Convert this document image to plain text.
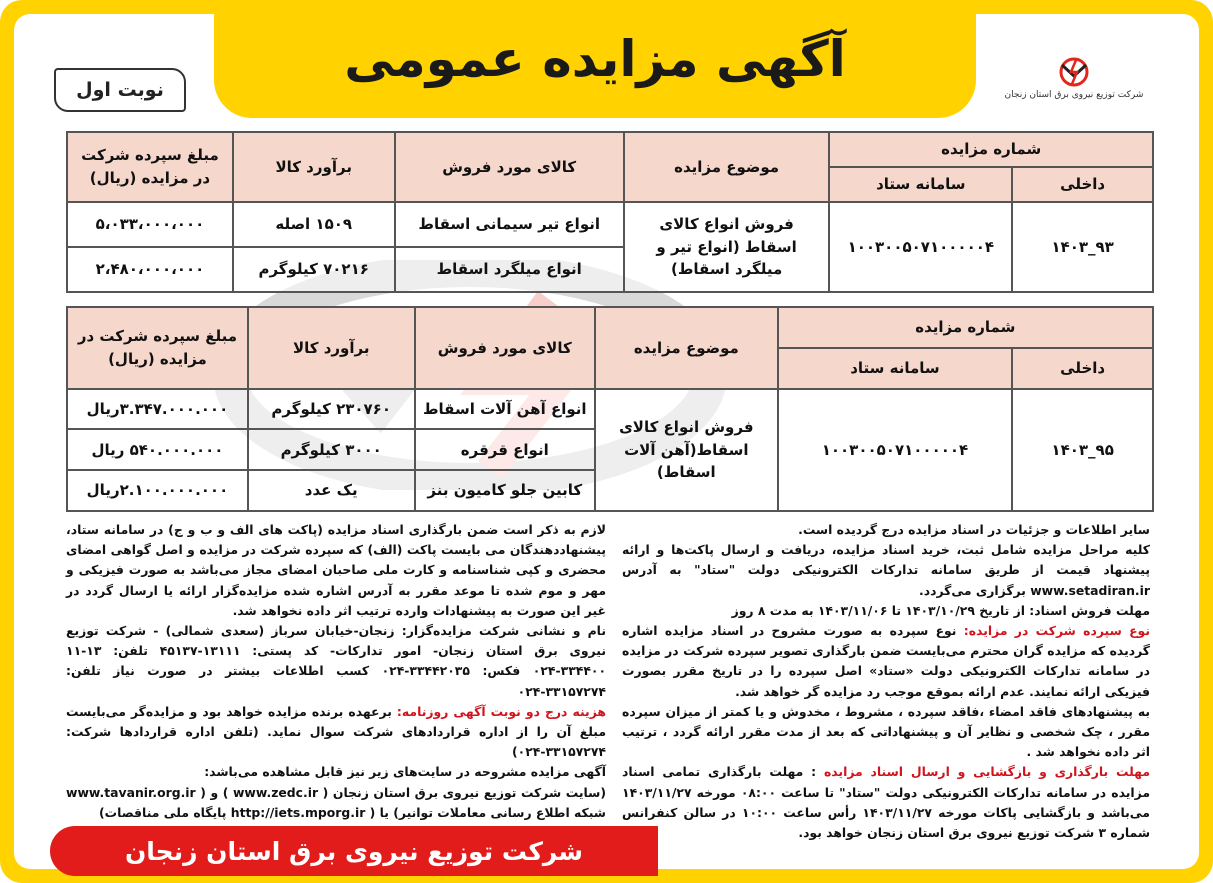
آگهی مزایده عمومی
نوبت اول	شرکت توزیع نیروی برق استان زنجان
شماره مزایده		موضوع مزایده	کالای مورد فروش	برآورد کالا	مبلغ سپرده شرکت در مزایده (ریال)
داخلی	سامانه ستاد				
۹۳_۱۴۰۳	۱۰۰۳۰۰۵۰۷۱۰۰۰۰۰۴	فروش انواع کالای اسقاط (انواع تیر و میلگرد اسقاط)	انواع تیر سیمانی اسقاط	۱۵۰۹ اصله	۵،۰۳۳،۰۰۰،۰۰۰
			انواع میلگرد اسقاط	۷۰۲۱۶ کیلوگرم	۲،۴۸۰،۰۰۰،۰۰۰
شماره مزایده		موضوع مزایده	کالای مورد فروش	برآورد کالا	مبلغ سپرده شرکت در مزایده (ریال)
داخلی	سامانه ستاد				
۹۵_۱۴۰۳	۱۰۰۳۰۰۵۰۷۱۰۰۰۰۰۴	فروش انواع کالای اسقاط(آهن آلات اسقاط)	انواع آهن آلات اسقاط	۲۳۰۷۶۰ کیلوگرم	۳.۳۴۷.۰۰۰.۰۰۰ریال
			انواع قرقره	۳۰۰۰ کیلوگرم	۵۴۰.۰۰۰.۰۰۰ ریال
			کابین جلو کامیون بنز	یک عدد	۲.۱۰۰.۰۰۰.۰۰۰ریال

سایر اطلاعات و جزئیات در اسناد مزایده درج گردیده است.

کلیه مراحل مزایده شامل ثبت، خرید اسناد مزایده، دریافت و ارسال پاکت‌ها و ارائه پیشنهاد قیمت از طریق سامانه تدارکات الکترونیکی دولت "ستاد" به آدرس www.setadiran.ir برگزاری می‌گردد.

مهلت فروش اسناد: از تاریخ ۱۴۰۳/۱۰/۲۹ تا ۱۴۰۳/۱۱/۰۶ به مدت ۸ روز

نوع سپرده شرکت در مزایده: نوع سپرده به صورت مشروح در اسناد مزایده اشاره گردیده که مزایده گران محترم می‌بایست ضمن بارگذاری تصویر سپرده شرکت در مزایده در سامانه تدارکات الکترونیکی دولت «ستاد» اصل سپرده را در تاریخ مقرر بصورت فیزیکی ارائه نمایند. عدم ارائه بموقع موجب رد مزایده گر خواهد شد.

به پیشنهادهای فاقد امضاء ،فاقد سپرده ، مشروط ، مخدوش و یا کمتر از میزان سپرده مقرر ، چک شخصی و نظایر آن و پیشنهاداتی که بعد از مدت مقرر ارائه گردد ، ترتیب اثر داده نخواهد شد .

مهلت بارگذاری و بازگشایی و ارسال اسناد مزایده : مهلت بارگذاری تمامی اسناد مزایده در سامانه تدارکات الکترونیکی دولت "ستاد" تا ساعت ۰۸:۰۰ مورخه ۱۴۰۳/۱۱/۲۷ می‌باشد و بازگشایی پاکات مورخه ۱۴۰۳/۱۱/۲۷ رأس ساعت ۱۰:۰۰ در سالن کنفرانس شماره ۳ شرکت توزیع نیروی برق استان زنجان خواهد بود.

لازم به ذکر است ضمن بارگذاری اسناد مزایده (پاکت های الف و ب و ج) در سامانه ستاد، پیشنهاددهندگان می بایست پاکت (الف) که سپرده شرکت در مزایده و اصل گواهی امضای محضری و کپی شناسنامه و کارت ملی صاحبان امضای مجاز می‌باشد به صورت فیزیکی و مهر و موم شده تا موعد مقرر به آدرس اشاره شده مزایده‌گزار ارائه یا ارسال گردد در غیر این صورت به پیشنهادات وارده ترتیب اثر داده نخواهد شد.

نام و نشانی شرکت مزایده‌گزار: زنجان-خیابان سرباز (سعدی شمالی) - شرکت توزیع نیروی برق استان زنجان- امور تدارکات- کد پستی: ۱۳۱۱۱-۴۵۱۳۷ تلفن: ۱۳-۱۱ ۳۳۴۴۰۰-۰۲۴ فکس: ۳۳۴۴۲۰۳۵-۰۲۴ کسب اطلاعات بیشتر در صورت نیاز تلفن: ۳۳۱۵۷۲۷۴-۰۲۴

هزینه درج دو نوبت آگهی روزنامه: برعهده برنده مزایده خواهد بود و مزایده‌گر می‌بایست مبلغ آن را از اداره قراردادهای شرکت سوال نماید. (تلفن اداره قراردادها شرکت: ۳۳۱۵۷۲۷۴-۰۲۴)

آگهی مزایده مشروحه در سایت‌های زیر نیز قابل مشاهده می‌باشد:

(سایت شرکت توزیع نیروی برق استان زنجان ( www.zedc.ir ) و ( www.tavanir.org.ir شبکه اطلاع رسانی معاملات توانیر) یا ( http://iets.mporg.ir پایگاه ملی مناقصات)

شرکت توزیع نیروی برق استان زنجان
